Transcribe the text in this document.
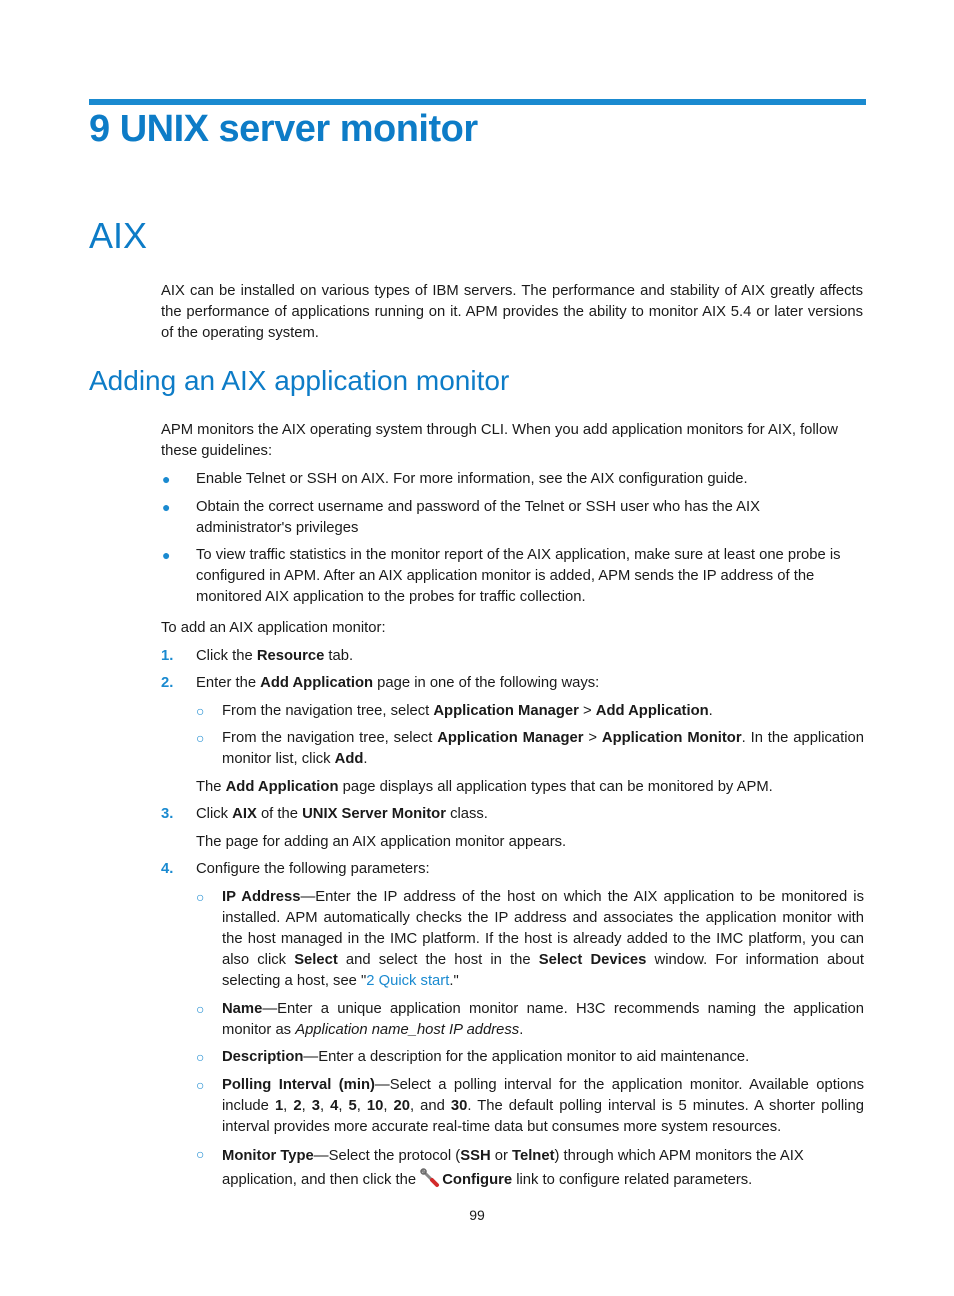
9 UNIX server monitor
AIX

AIX can be installed on various types of IBM servers. The performance and stability of AIX greatly affects the performance of applications running on it. APM provides the ability to monitor AIX 5.4 or later versions of the operating system.

Adding an AIX application monitor

APM monitors the AIX operating system through CLI. When you add application monitors for AIX, follow these guidelines:

● Enable Telnet or SSH on AIX. For more information, see the AIX configuration guide.

● Obtain the correct username and password of the Telnet or SSH user who has the AIX administrator's privileges

● To view traffic statistics in the monitor report of the AIX application, make sure at least one probe is configured in APM. After an AIX application monitor is added, APM sends the IP address of the monitored AIX application to the probes for traffic collection.

To add an AIX application monitor:

1. Click the Resource tab.

2. Enter the Add Application page in one of the following ways:

○ From the navigation tree, select Application Manager > Add Application.

○ From the navigation tree, select Application Manager > Application Monitor. In the application monitor list, click Add.

The Add Application page displays all application types that can be monitored by APM.

3. Click AIX of the UNIX Server Monitor class.

The page for adding an AIX application monitor appears.

4. Configure the following parameters:

○ IP Address—Enter the IP address of the host on which the AIX application to be monitored is installed. APM automatically checks the IP address and associates the application monitor with the host managed in the IMC platform. If the host is already added to the IMC platform, you can also click Select and select the host in the Select Devices window. For information about selecting a host, see "2 Quick start."

○ Name—Enter a unique application monitor name. H3C recommends naming the application monitor as Application name_host IP address.

○ Description—Enter a description for the application monitor to aid maintenance.

○ Polling Interval (min)—Select a polling interval for the application monitor. Available options include 1, 2, 3, 4, 5, 10, 20, and 30. The default polling interval is 5 minutes. A shorter polling interval provides more accurate real-time data but consumes more system resources.

○ Monitor Type—Select the protocol (SSH or Telnet) through which APM monitors the AIX application, and then click the Configure link to configure related parameters.

99
